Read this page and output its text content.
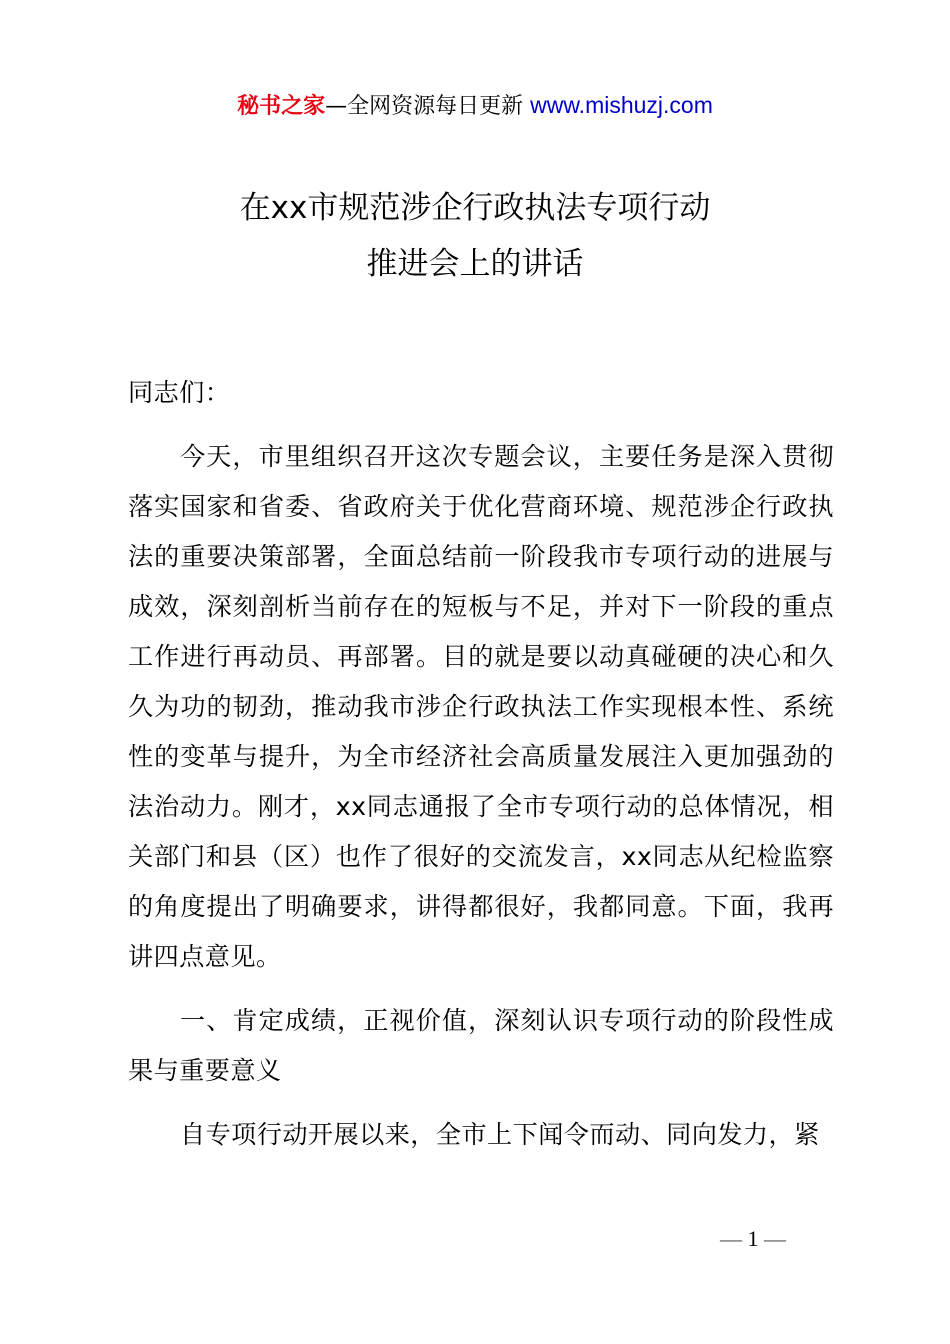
秘书之家—全网资源每日更新 www.mishuzj.com
在xx市规范涉企行政执法专项行动
推进会上的讲话

同志们：

今天，市里组织召开这次专题会议，主要任务是深入贯彻落实国家和省委、省政府关于优化营商环境、规范涉企行政执法的重要决策部署，全面总结前一阶段我市专项行动的进展与成效，深刻剖析当前存在的短板与不足，并对下一阶段的重点工作进行再动员、再部署。目的就是要以动真碰硬的决心和久久为功的韧劲，推动我市涉企行政执法工作实现根本性、系统性的变革与提升，为全市经济社会高质量发展注入更加强劲的法治动力。刚才，xx同志通报了全市专项行动的总体情况，相关部门和县（区）也作了很好的交流发言，xx同志从纪检监察的角度提出了明确要求，讲得都很好，我都同意。下面，我再讲四点意见。

一、肯定成绩，正视价值，深刻认识专项行动的阶段性成果与重要意义

自专项行动开展以来，全市上下闻令而动、同向发力，紧

— 1 —
